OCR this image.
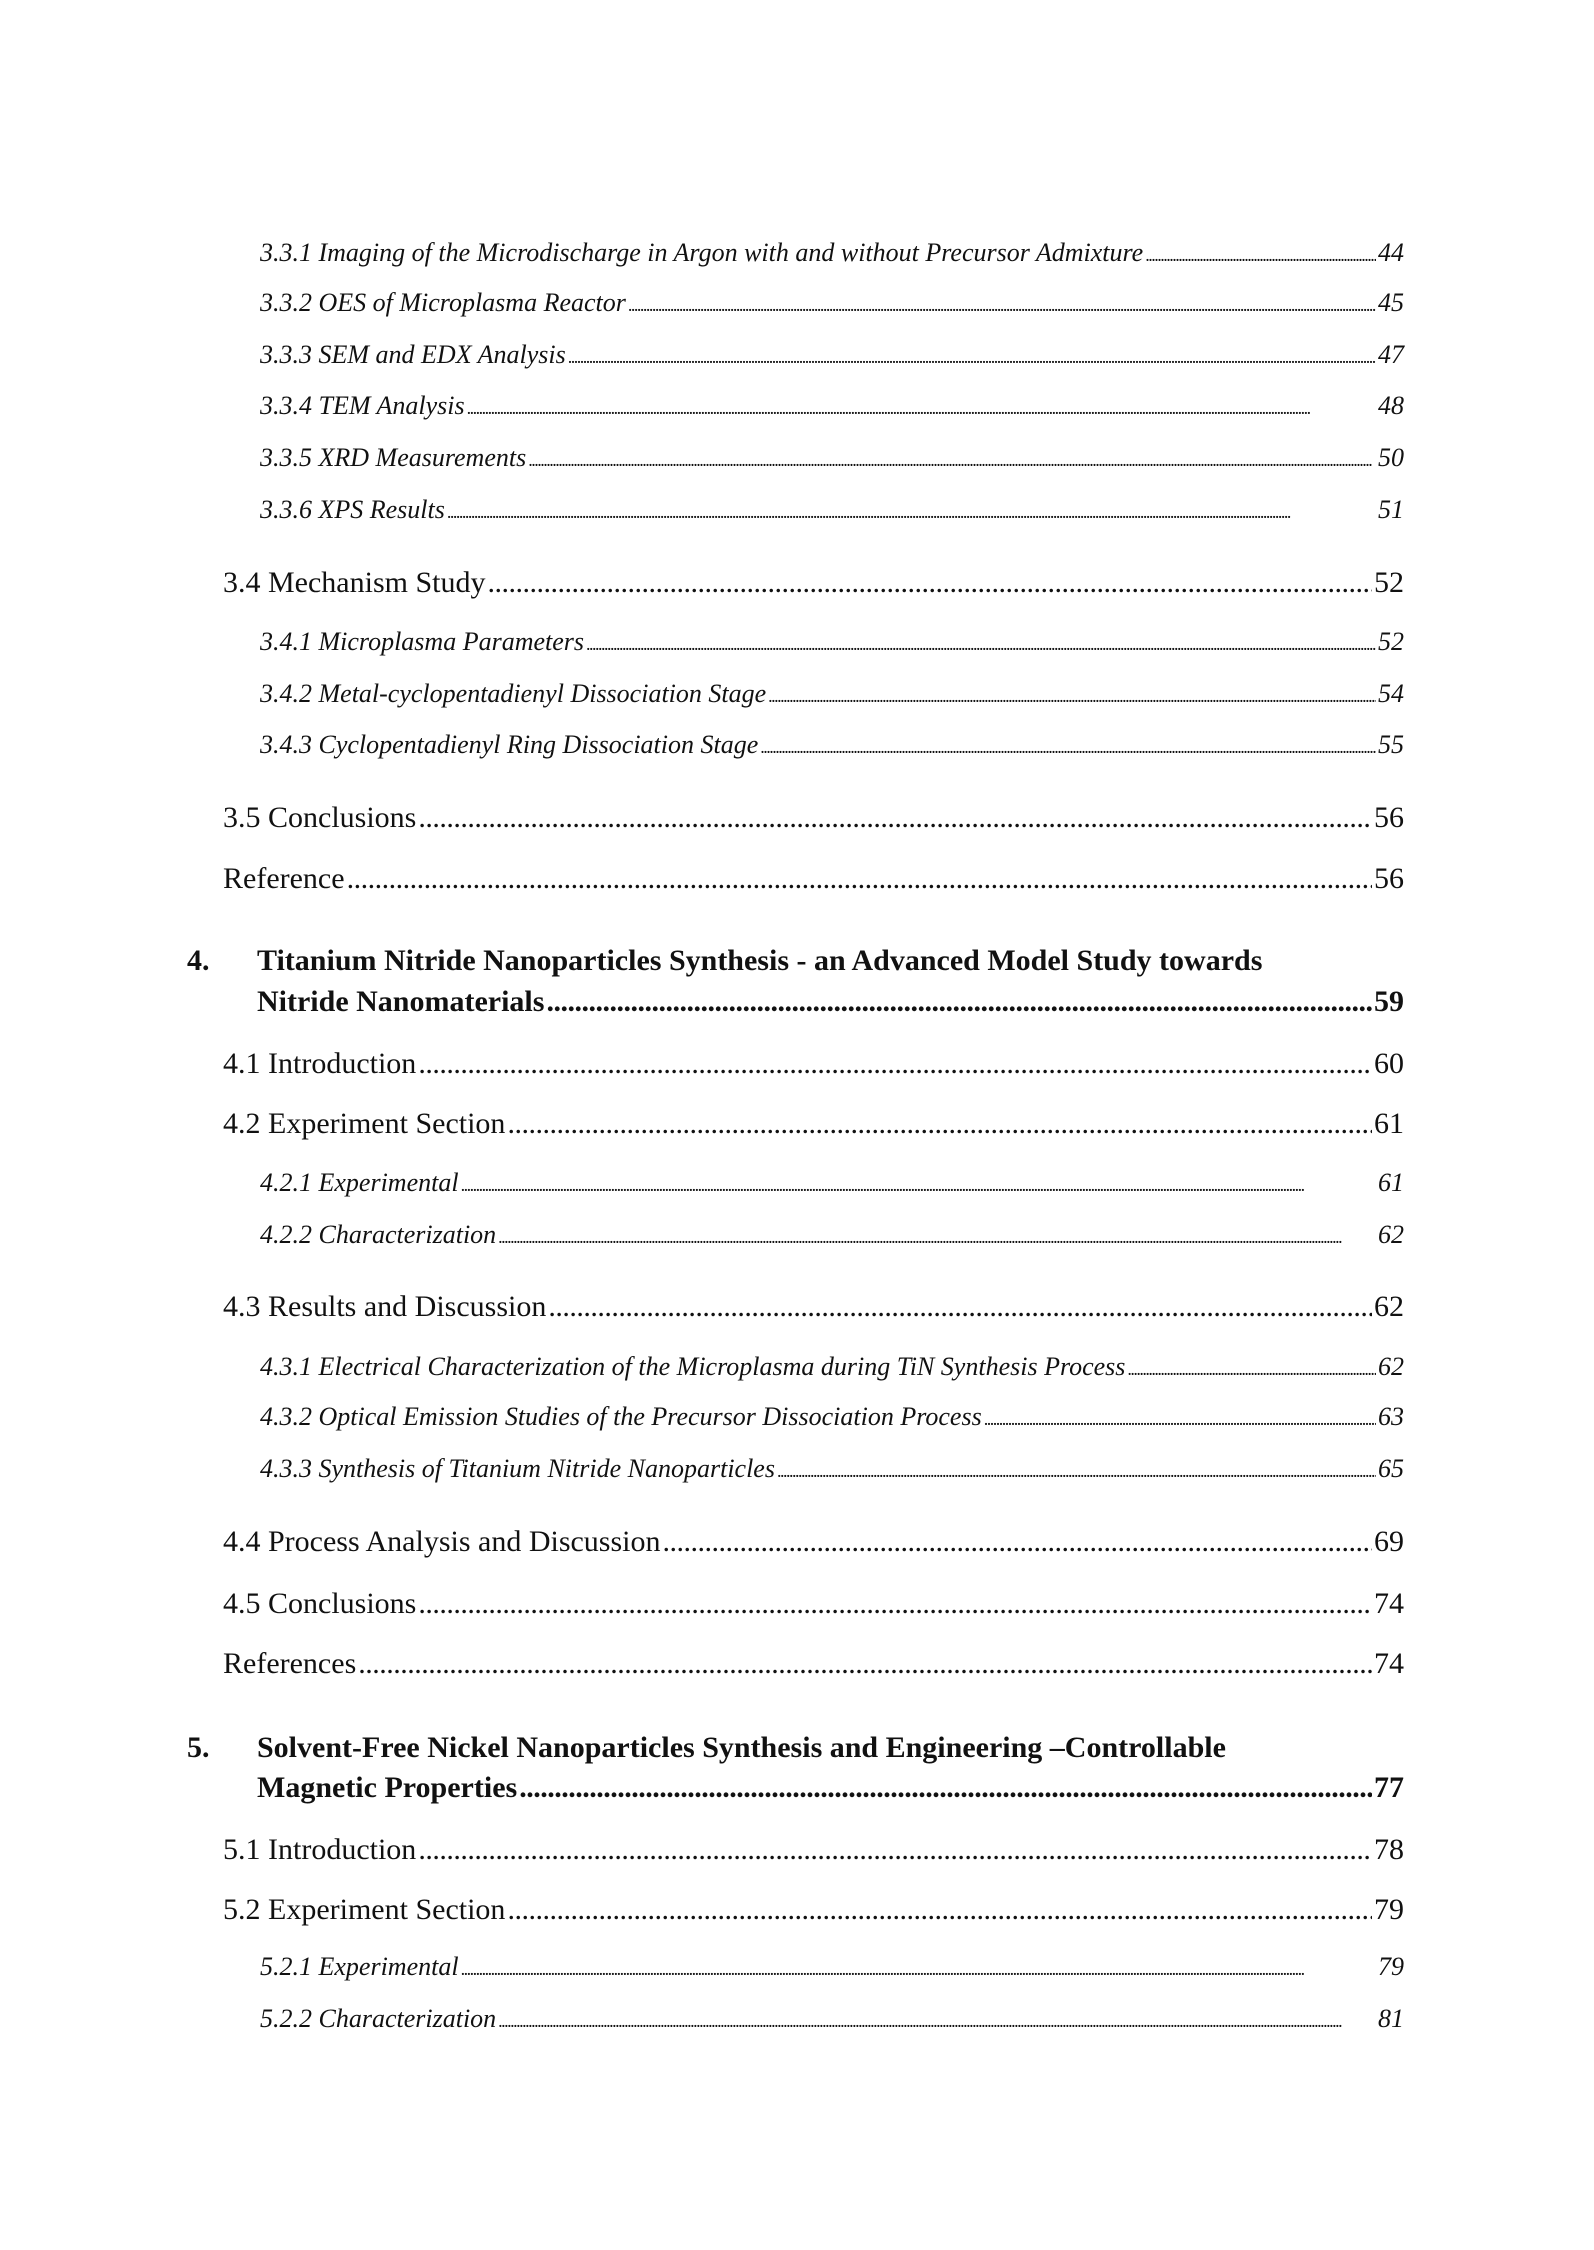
3.3.1 Imaging of the Microdischarge in Argon with and without Precursor Admixture . . .	44
3.3.2 OES of Microplasma Reactor . . .	45
3.3.3 SEM and EDX Analysis . . .	47
3.3.4 TEM Analysis . . .	48
3.3.5 XRD Measurements . . .	50
3.3.6 XPS Results . . .	51
3.4 Mechanism Study . . .	52
3.4.1 Microplasma Parameters . . .	52
3.4.2 Metal-cyclopentadienyl Dissociation Stage . . .	54
3.4.3 Cyclopentadienyl Ring Dissociation Stage . . .	55
3.5 Conclusions . . .	56
Reference . . .	56
4. Titanium Nitride Nanoparticles Synthesis - an Advanced Model Study towards
Nitride Nanomaterials . . .	59
4.1 Introduction . . .	60
4.2 Experiment Section . . .	61
4.2.1 Experimental . . .	61
4.2.2 Characterization . . .	62
4.3 Results and Discussion . . .	62
4.3.1 Electrical Characterization of the Microplasma during TiN Synthesis Process . . .	62
4.3.2 Optical Emission Studies of the Precursor Dissociation Process . . .	63
4.3.3 Synthesis of Titanium Nitride Nanoparticles . . .	65
4.4 Process Analysis and Discussion . . .	69
4.5 Conclusions . . .	74
References . . .	74
5. Solvent-Free Nickel Nanoparticles Synthesis and Engineering –Controllable
Magnetic Properties . . .	77
5.1 Introduction . . .	78
5.2 Experiment Section . . .	79
5.2.1 Experimental . . .	79
5.2.2 Characterization . . .	81
